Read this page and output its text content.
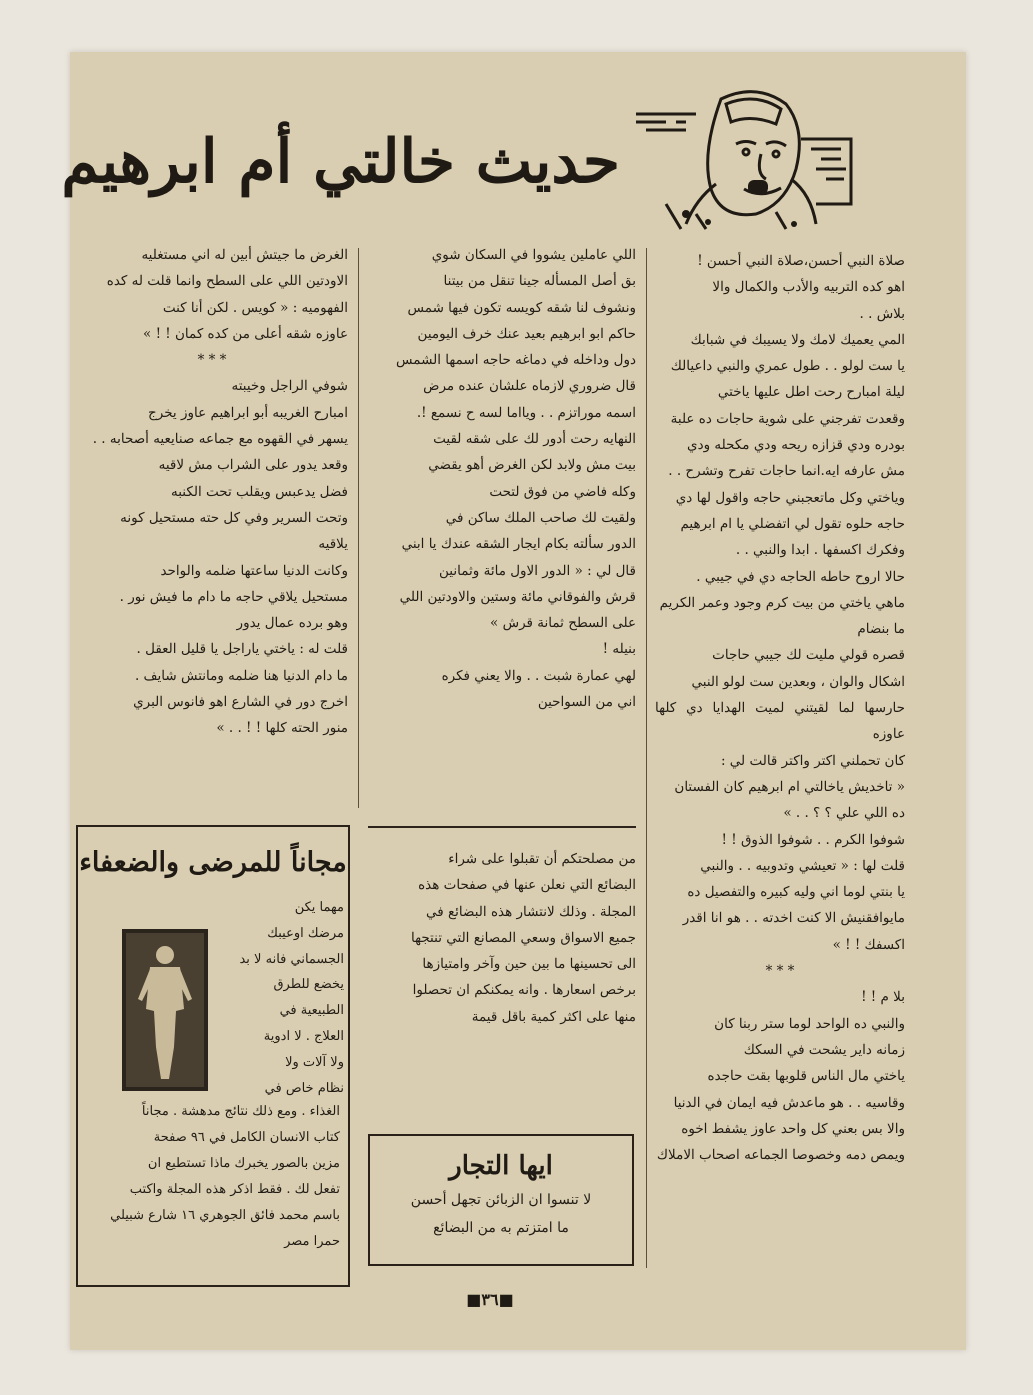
حديث خالتي أم ابرهيم

صلاة النبي أحسن،صلاة النبي أحسن !

اهو كده التربيه والأدب والكمال والا

بلاش . .

المي يعميك لامك ولا يسيبك في شبابك

يا ست لولو . . طول عمري والنبي داعيالك

ليلة امبارح رحت اطل عليها ياختي

وقعدت تفرجني على شوية حاجات ده علبة

بودره ودي قزازه ريحه ودي مكحله ودي

مش عارفه ايه.انما حاجات تفرح وتشرح . .

وياختي وكل ماتعجبني حاجه واقول لها دي

حاجه حلوه تقول لي اتفضلي يا ام ابرهيم

وفكرك اكسفها . ابدا والنبي . .

حالا اروح حاطه الحاجه دي في جيبي .

ماهي ياختي من بيت كرم وجود وعمر الكريم

ما بنضام

قصره قولي مليت لك جيبي حاجات

اشكال والوان ، وبعدين ست لولو النبي

حارسها لما لقيتني لميت الهدايا دي كلها عاوزه

كان تحملني اكتر واكتر قالت لي :

« تاخديش ياخالتي ام ابرهيم كان الفستان

ده اللي علي ؟ ؟ . . »

شوفوا الكرم . . شوفوا الذوق ! !

قلت لها : « تعيشي وتدوبيه . . والنبي

يا بنتي لوما اني وليه كبيره والتفصيل ده

مايوافقنيش الا كنت اخدته . . هو انا اقدر

اكسفك ! ! »

* * *

بلا م ! !

والنبي ده الواحد لوما ستر ربنا كان

زمانه داير يشحت في السكك

ياختي مال الناس قلوبها بقت حاجده

وقاسيه . . هو ماعدش فيه ايمان في الدنيا

والا بس بعني كل واحد عاوز يشفط اخوه

ويمص دمه وخصوصا الجماعه اصحاب الاملاك

اللي عاملين يشووا في السكان شوي

بق أصل المسأله جينا تنقل من بيتنا

ونشوف لنا شقه كويسه تكون فيها شمس

حاكم ابو ابرهيم بعيد عنك خرف اليومين

دول وداخله في دماغه حاجه اسمها الشمس

قال ضروري لازماه علشان عنده مرض

اسمه موراتزم . . ويااما لسه ح نسمع !.

النهايه رحت أدور لك على شقه لقيت

بيت مش ولابد لكن الغرض أهو يقضي

وكله فاضي من فوق لتحت

ولقيت لك صاحب الملك ساكن في

الدور سألته بكام ايجار الشقه عندك يا ابني

قال لي : « الدور الاول مائة وثمانين

قرش والفوقاني مائة وستين والاودتين اللي

على السطح ثمانة قرش »

بنيله !

لهي عمارة شبت . . والا يعني فكره

اني من السواحين

من مصلحتكم أن تقبلوا على شراء

البضائع التي نعلن عنها في صفحات هذه

المجلة . وذلك لانتشار هذه البضائع في

جميع الاسواق وسعي المصانع التي تنتجها

الى تحسينها ما بين حين وآخر وامتيازها

برخص اسعارها . وانه يمكنكم ان تحصلوا

منها على اكثر كمية باقل قيمة

ايها التجار
لا تنسوا ان الزبائن تجهل أحسن
ما امتزتم به من البضائع

الغرض ما جيتش أبين له اني مستغليه

الاودتين اللي على السطح وانما قلت له كده

الفهوميه : « كويس . لكن أنا كنت

عاوزه شقه أعلى من كده كمان ! ! »

* * *

شوفي الراجل وخيبته

امبارح الغريبه أبو ابراهيم عاوز يخرج

يسهر في القهوه مع جماعه صنايعيه أصحابه . .

وقعد يدور على الشراب مش لاقيه

فضل يدعبس ويقلب تحت الكنبه

وتحت السرير وفي كل حته مستحيل كونه

يلاقيه

وكانت الدنيا ساعتها ضلمه والواحد

مستحيل يلاقي حاجه ما دام ما فيش نور .

وهو برده عمال يدور

قلت له : ياختي ياراجل يا قليل العقل .

ما دام الدنيا هنا ضلمه ومانتش شايف .

اخرج دور في الشارع اهو فانوس البري

منور الحته كلها ! ! . . »

مجاناً للمرضى والضعفاء

مهما يكن

مرضك اوعيبك

الجسماني فانه لا بد

يخضع للطرق

الطبيعية في

العلاج . لا ادوية

ولا آلات ولا

نظام خاص في

الغذاء . ومع ذلك نتائج مدهشة . مجاناً

كتاب الانسان الكامل في ٩٦ صفحة

مزين بالصور يخبرك ماذا تستطيع ان

تفعل لك . فقط اذكر هذه المجلة واكتب

باسم محمد فائق الجوهري ١٦ شارع شبيلي

حمرا مصر

■٣٦■
